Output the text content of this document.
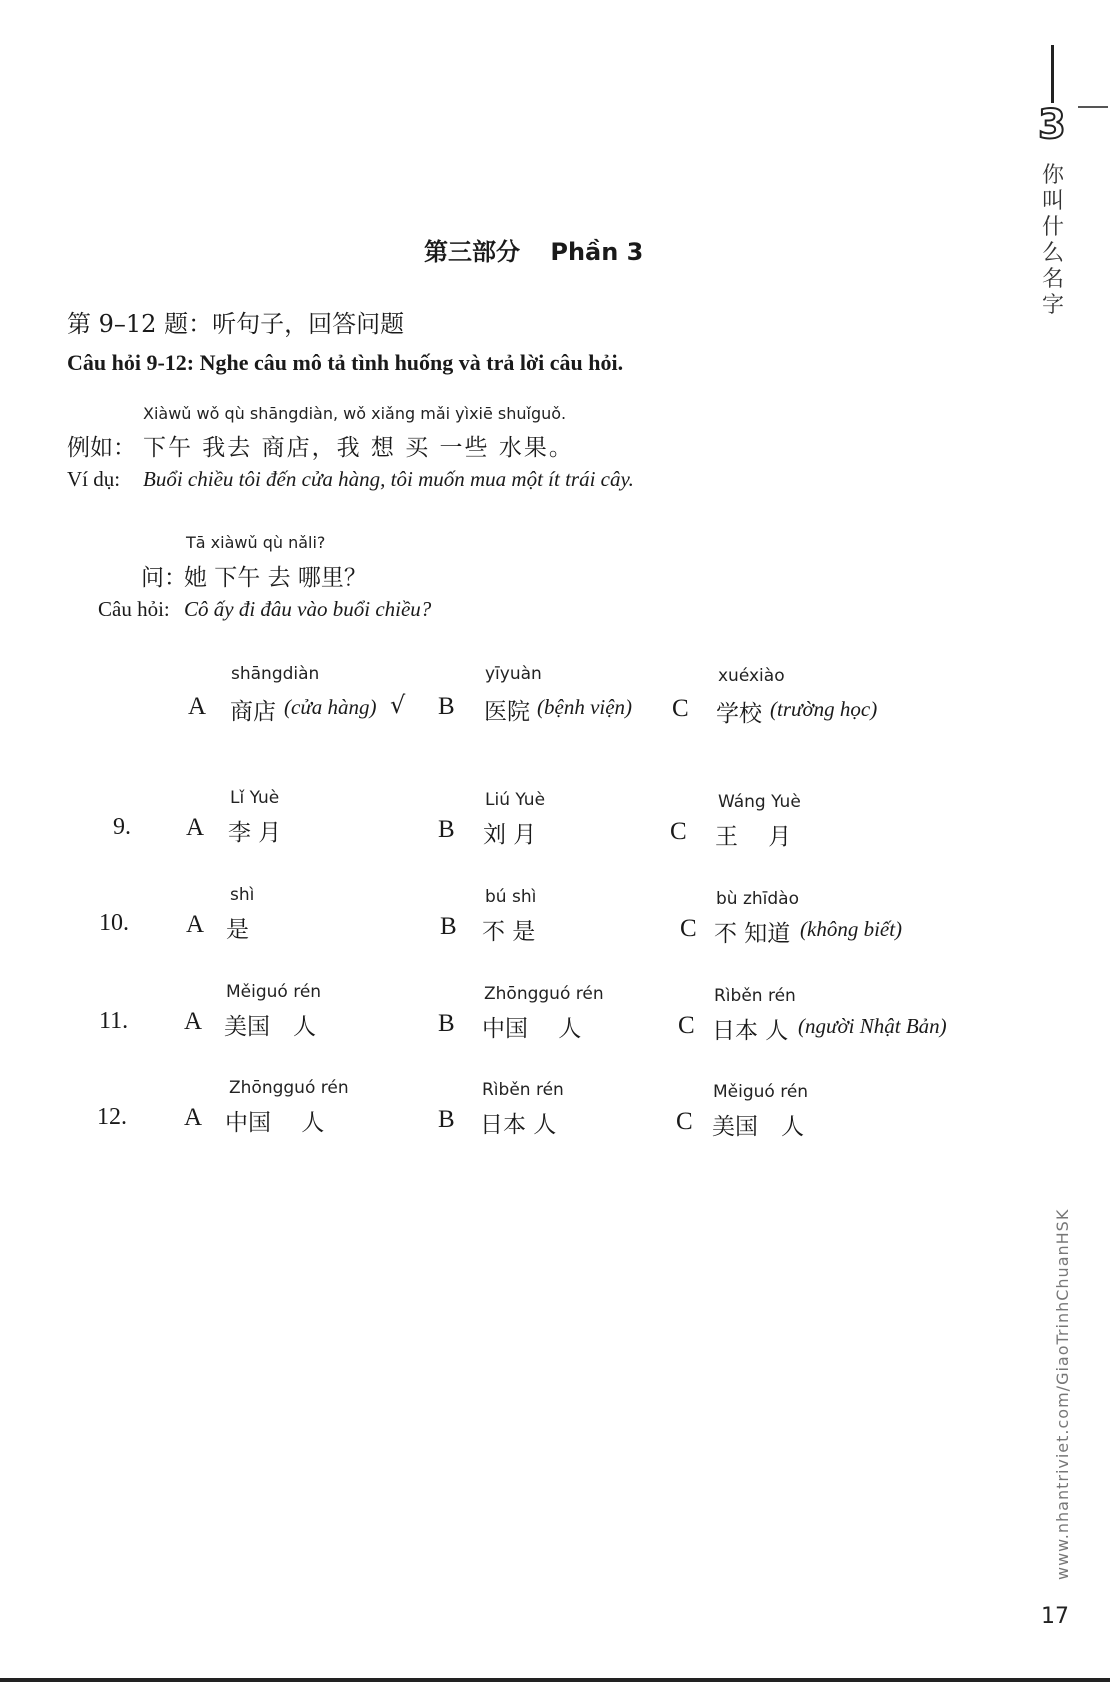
3
你
叫
什
么
名
字
第三部分 Phần 3
第 9–12 题：听句子，回答问题
Câu hỏi 9-12: Nghe câu mô tả tình huống và trả lời câu hỏi.
Xiàwǔ wǒ qù shāngdiàn, wǒ xiǎng mǎi yìxiē shuǐguǒ.
例如： 下午 我去 商店，我 想 买 一些 水果。
Ví dụ: Buổi chiều tôi đến cửa hàng, tôi muốn mua một ít trái cây.
Tā xiàwǔ qù nǎli?
问：
她 下午 去 哪里？
Câu hỏi: Cô ấy đi đâu vào buổi chiều?
shāngdiàn
A 商店 (cửa hàng) √
yīyuàn
B 医院 (bệnh viện)
xuéxiào
C 学校 (trường học)
9.
Lǐ Yuè
A 李 月
Liú Yuè
B 刘 月
Wáng Yuè
C 王　 月
10.
shì
A 是
bú shì
B 不 是
bù zhīdào
C 不 知道 (không biết)
11.
Měiguó rén
A 美国　人
Zhōngguó rén
B 中国　 人
Rìběn rén
C 日本 人 (người Nhật Bản)
12.
Zhōngguó rén
A 中国　 人
Rìběn rén
B 日本 人
Měiguó rén
C 美国　人
www.nhantriviet.com/GiaoTrinhChuanHSK
17
